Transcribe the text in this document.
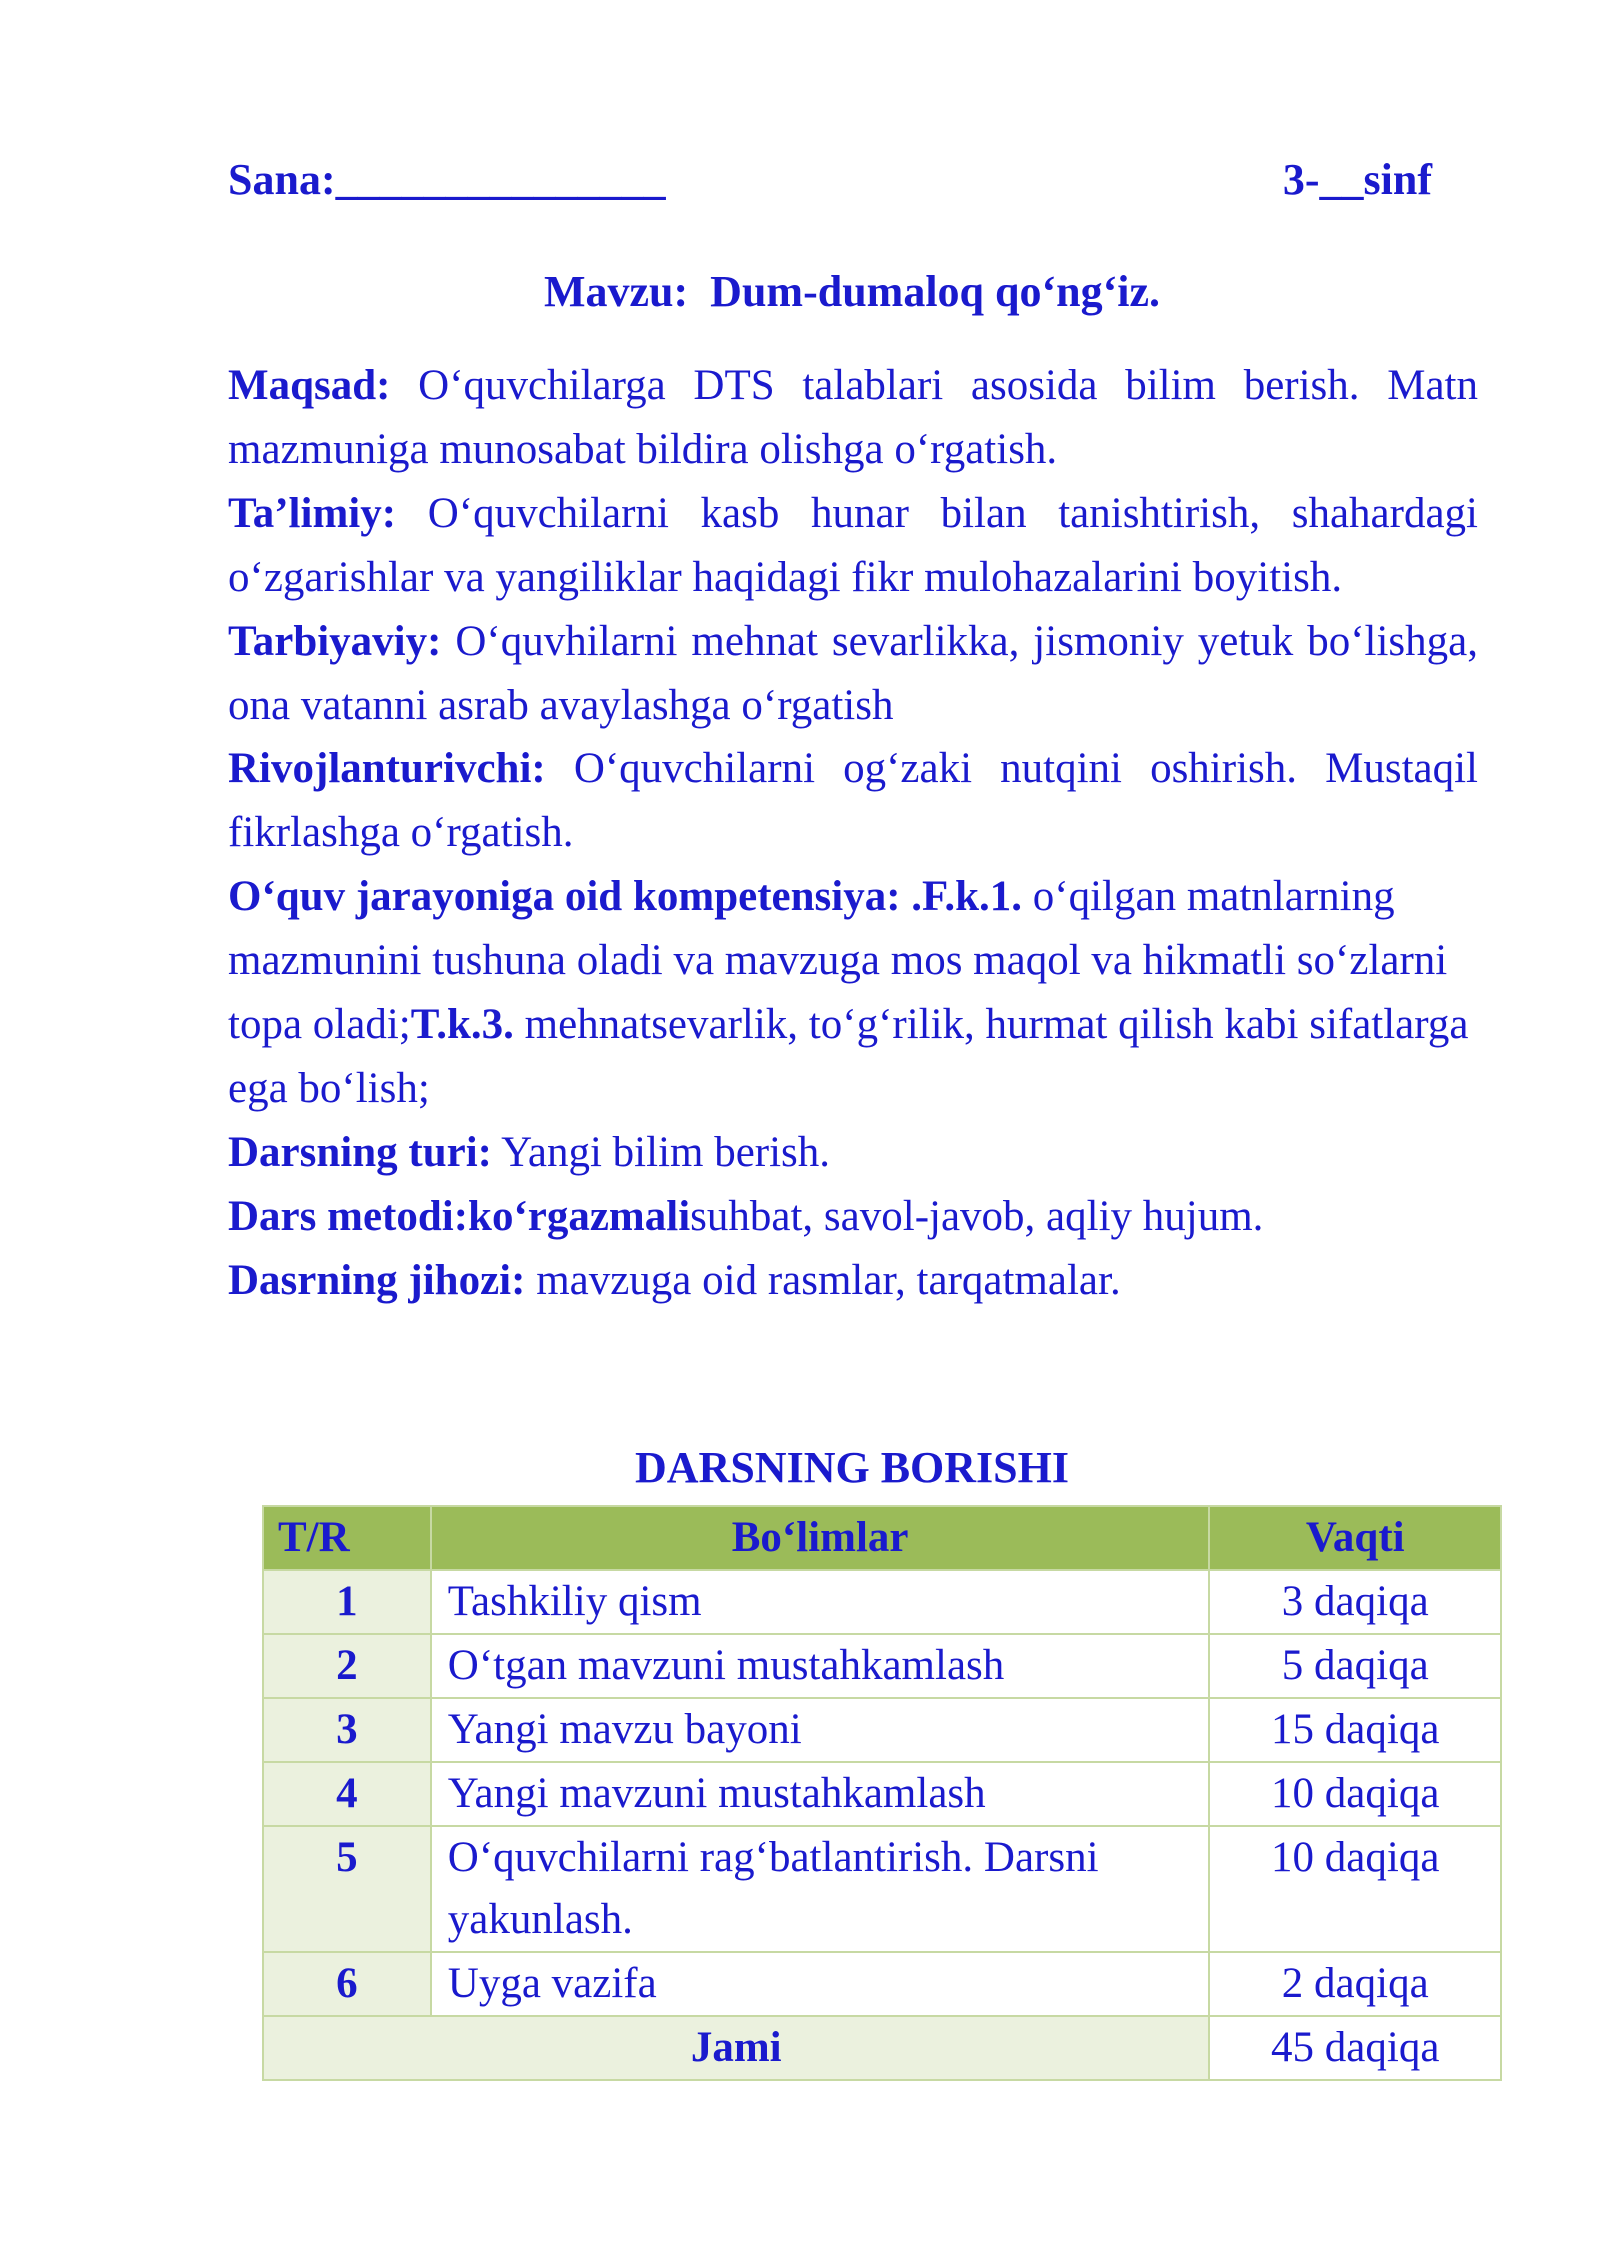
Sana:_______________	3-__sinf
Mavzu: Dum-dumaloq qo‘ng‘iz.

Maqsad: O‘quvchilarga DTS talablari asosida bilim berish. Matn mazmuniga munosabat bildira olishga o‘rgatish.

Ta’limiy: O‘quvchilarni kasb hunar bilan tanishtirish, shahardagi o‘zgarishlar va yangiliklar haqidagi fikr mulohazalarini boyitish.

Tarbiyaviy: O‘quvhilarni mehnat sevarlikka, jismoniy yetuk bo‘lishga, ona vatanni asrab avaylashga o‘rgatish

Rivojlanturivchi: O‘quvchilarni og‘zaki nutqini oshirish. Mustaqil fikrlashga o‘rgatish.

O‘quv jarayoniga oid kompetensiya: .F.k.1. o‘qilgan matnlarning mazmunini tushuna oladi va mavzuga mos maqol va hikmatli so‘zlarni topa oladi;T.k.3. mehnatsevarlik, to‘g‘rilik, hurmat qilish kabi sifatlarga ega bo‘lish;

Darsning turi: Yangi bilim berish.

Dars metodi:ko‘rgazmalisuhbat, savol-javob, aqliy hujum.

Dasrning jihozi: mavzuga oid rasmlar, tarqatmalar.

DARSNING BORISHI
T/R	Bo‘limlar	Vaqti
1	Tashkiliy qism	3 daqiqa
2	O‘tgan mavzuni mustahkamlash	5 daqiqa
3	Yangi mavzu bayoni	15 daqiqa
4	Yangi mavzuni mustahkamlash	10 daqiqa
5	O‘quvchilarni rag‘batlantirish. Darsni yakunlash.	10 daqiqa
6	Uyga vazifa	2 daqiqa
Jami		45 daqiqa
